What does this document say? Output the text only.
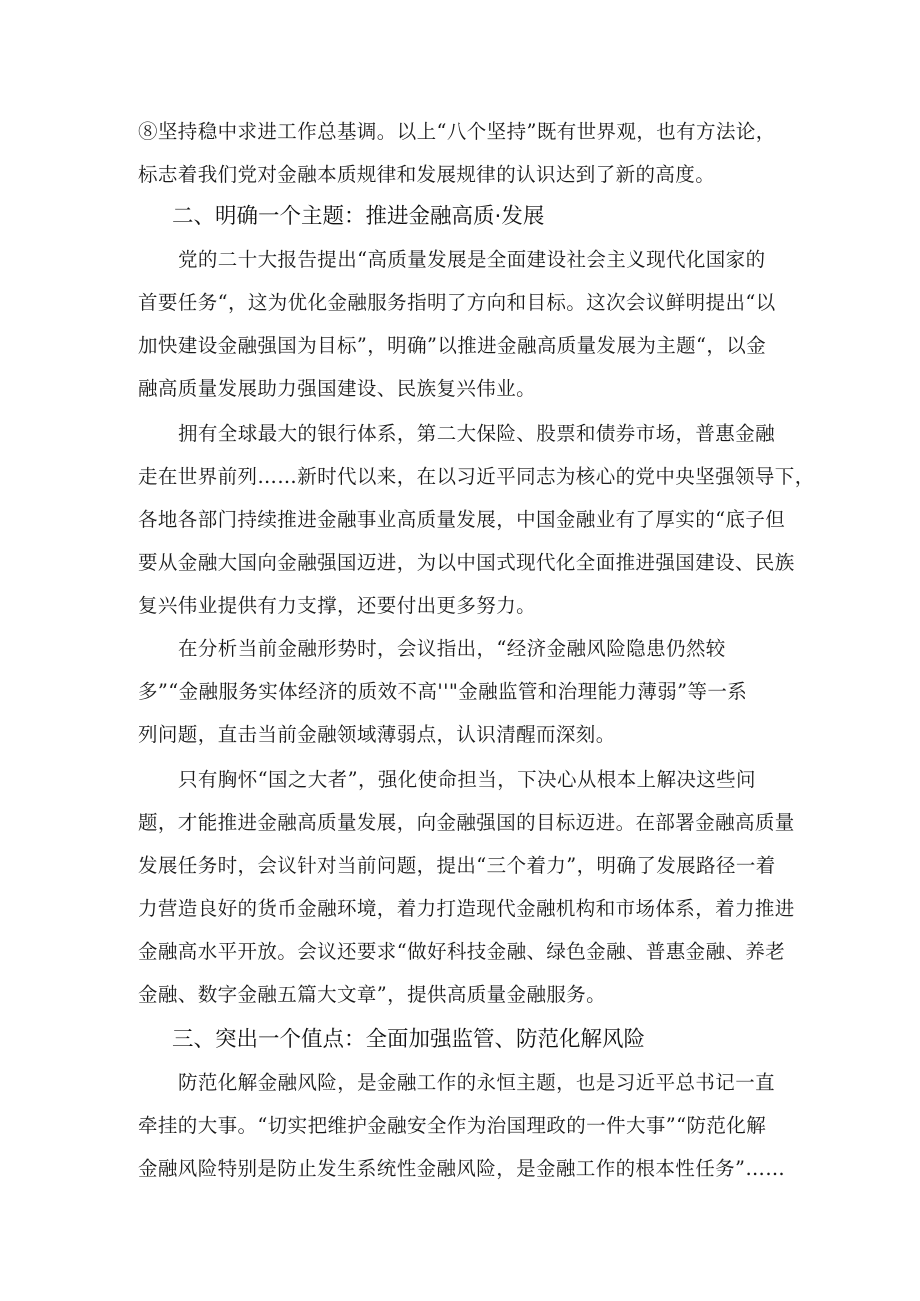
⑧坚持稳中求进工作总基调。以上“八个坚持”既有世界观，也有方法论，
标志着我们党对金融本质规律和发展规律的认识达到了新的高度。
二、明确一个主题：推进金融高质·发展
党的二十大报告提出“高质量发展是全面建设社会主义现代化国家的
首要任务“，这为优化金融服务指明了方向和目标。这次会议鲜明提出“以
加快建设金融强国为目标”，明确”以推进金融高质量发展为主题“，以金
融高质量发展助力强国建设、民族复兴伟业。
拥有全球最大的银行体系，第二大保险、股票和债券市场，普惠金融
走在世界前列……新时代以来，在以习近平同志为核心的党中央坚强领导下，
各地各部门持续推进金融事业高质量发展，中国金融业有了厚实的“底子但
要从金融大国向金融强国迈进，为以中国式现代化全面推进强国建设、民族
复兴伟业提供有力支撑，还要付出更多努力。
在分析当前金融形势时，会议指出，“经济金融风险隐患仍然较
多”“金融服务实体经济的质效不高''"金融监管和治理能力薄弱”等一系
列问题，直击当前金融领域薄弱点，认识清醒而深刻。
只有胸怀“国之大者”，强化使命担当，下决心从根本上解决这些问
题，才能推进金融高质量发展，向金融强国的目标迈进。在部署金融高质量
发展任务时，会议针对当前问题，提出“三个着力”，明确了发展路径一着
力营造良好的货币金融环境，着力打造现代金融机构和市场体系，着力推进
金融高水平开放。会议还要求“做好科技金融、绿色金融、普惠金融、养老
金融、数字金融五篇大文章”，提供高质量金融服务。
三、突出一个值点：全面加强监管、防范化解风险
防范化解金融风险，是金融工作的永恒主题，也是习近平总书记一直
牵挂的大事。“切实把维护金融安全作为治国理政的一件大事”“防范化解
金融风险特别是防止发生系统性金融风险，是金融工作的根本性任务”……
